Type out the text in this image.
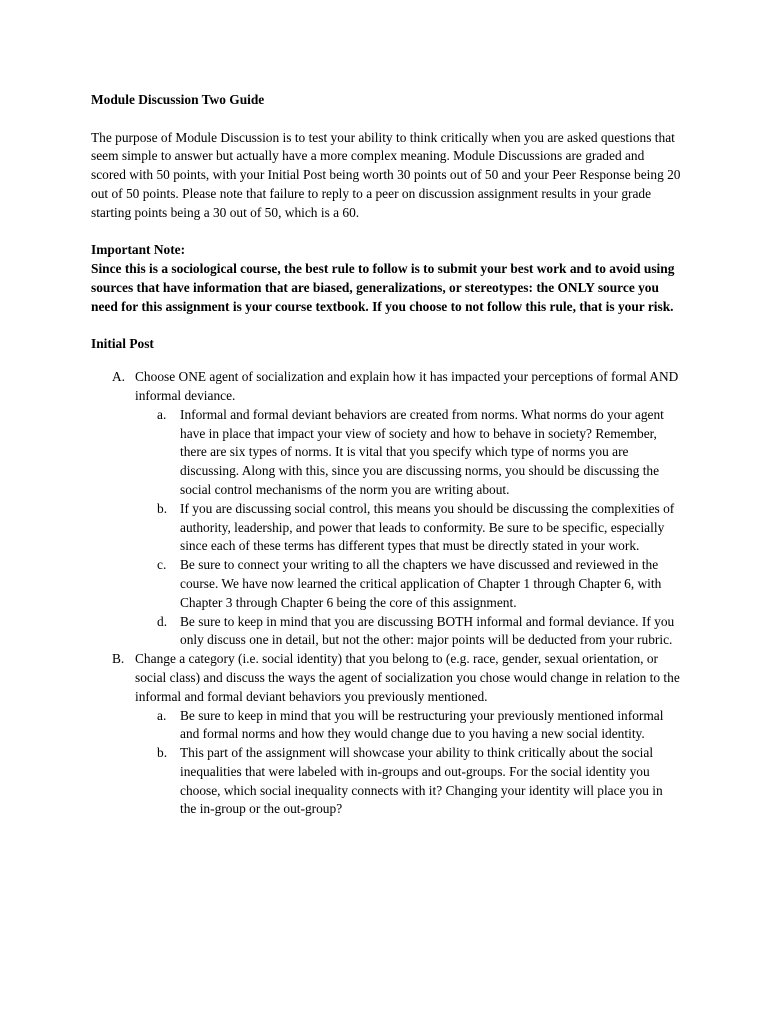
Module Discussion Two Guide

The purpose of Module Discussion is to test your ability to think critically when you are asked questions that seem simple to answer but actually have a more complex meaning. Module Discussions are graded and scored with 50 points, with your Initial Post being worth 30 points out of 50 and your Peer Response being 20 out of 50 points. Please note that failure to reply to a peer on discussion assignment results in your grade starting points being a 30 out of 50, which is a 60.

Important Note:

Since this is a sociological course, the best rule to follow is to submit your best work and to avoid using sources that have information that are biased, generalizations, or stereotypes: the ONLY source you need for this assignment is your course textbook. If you choose to not follow this rule, that is your risk.

Initial Post

A. Choose ONE agent of socialization and explain how it has impacted your perceptions of formal AND informal deviance.
a. Informal and formal deviant behaviors are created from norms. What norms do your agent have in place that impact your view of society and how to behave in society? Remember, there are six types of norms. It is vital that you specify which type of norms you are discussing. Along with this, since you are discussing norms, you should be discussing the social control mechanisms of the norm you are writing about.
b. If you are discussing social control, this means you should be discussing the complexities of authority, leadership, and power that leads to conformity. Be sure to be specific, especially since each of these terms has different types that must be directly stated in your work.
c. Be sure to connect your writing to all the chapters we have discussed and reviewed in the course. We have now learned the critical application of Chapter 1 through Chapter 6, with Chapter 3 through Chapter 6 being the core of this assignment.
d. Be sure to keep in mind that you are discussing BOTH informal and formal deviance. If you only discuss one in detail, but not the other: major points will be deducted from your rubric.
B. Change a category (i.e. social identity) that you belong to (e.g. race, gender, sexual orientation, or social class) and discuss the ways the agent of socialization you chose would change in relation to the informal and formal deviant behaviors you previously mentioned.
a. Be sure to keep in mind that you will be restructuring your previously mentioned informal and formal norms and how they would change due to you having a new social identity.
b. This part of the assignment will showcase your ability to think critically about the social inequalities that were labeled with in-groups and out-groups. For the social identity you choose, which social inequality connects with it? Changing your identity will place you in the in-group or the out-group?
